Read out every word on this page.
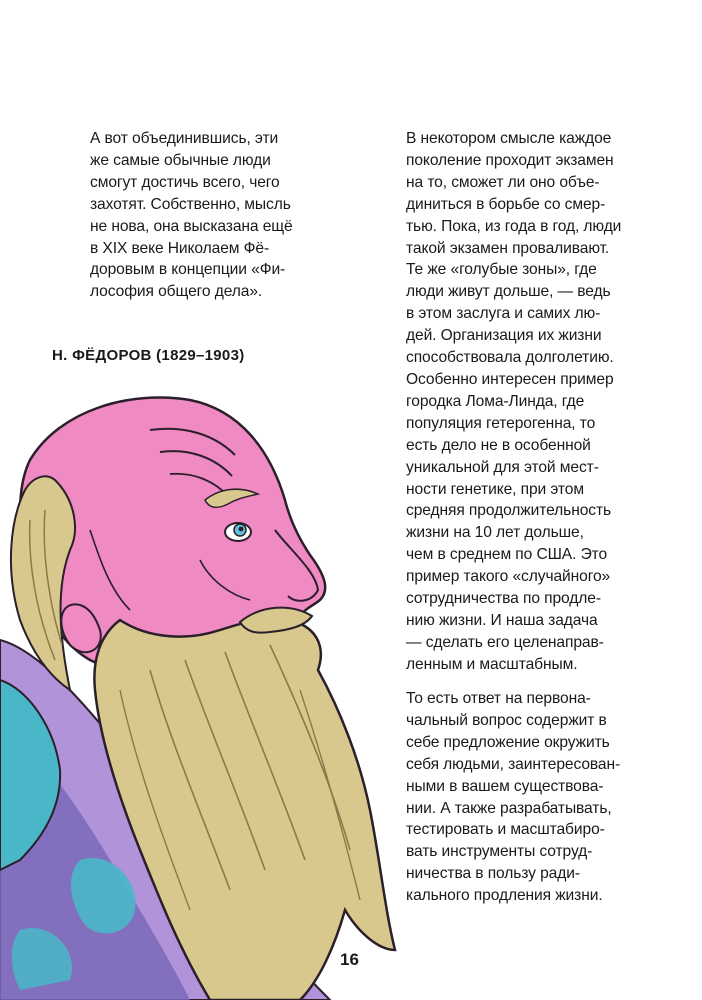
А вот объединившись, эти
же самые обычные люди
смогут достичь всего, чего
захотят. Собственно, мысль
не нова, она высказана ещё
в XIX веке Николаем Фё-
доровым в концепции «Фи-
лософия общего дела».

Н. ФЁДОРОВ (1829–1903)

В некотором смысле каждое
поколение проходит экзамен
на то, сможет ли оно объе-
диниться в борьбе со смер-
тью. Пока, из года в год, люди
такой экзамен проваливают.
Те же «голубые зоны», где
люди живут дольше, — ведь
в этом заслуга и самих лю-
дей. Организация их жизни
способствовала долголетию.
Особенно интересен пример
городка Лома-Линда, где
популяция гетерогенна, то
есть дело не в особенной
уникальной для этой мест-
ности генетике, при этом
средняя продолжительность
жизни на 10 лет дольше,
чем в среднем по США. Это
пример такого «случайного»
сотрудничества по продле-
нию жизни. И наша задача
— сделать его целенаправ-
ленным и масштабным.

То есть ответ на первона-
чальный вопрос содержит в
себе предложение окружить
себя людьми, заинтересован-
ными в вашем существова-
нии. А также разрабатывать,
тестировать и масштабиро-
вать инструменты сотруд-
ничества в пользу ради-
кального продления жизни.

16
